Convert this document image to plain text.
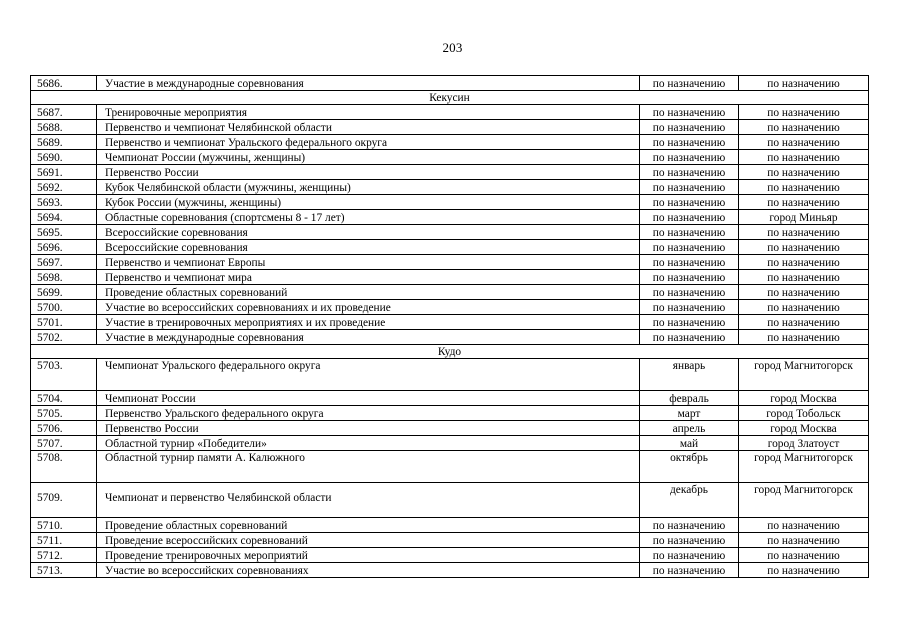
203
5686.	Участие в международные соревнования	по назначению	по назначению
Кекусин			
5687.	Тренировочные мероприятия	по назначению	по назначению
5688.	Первенство и чемпионат Челябинской области	по назначению	по назначению
5689.	Первенство и чемпионат Уральского федерального округа	по назначению	по назначению
5690.	Чемпионат России (мужчины, женщины)	по назначению	по назначению
5691.	Первенство России	по назначению	по назначению
5692.	Кубок Челябинской области (мужчины, женщины)	по назначению	по назначению
5693.	Кубок России (мужчины, женщины)	по назначению	по назначению
5694.	Областные соревнования (спортсмены 8 - 17 лет)	по назначению	город Миньяр
5695.	Всероссийские соревнования	по назначению	по назначению
5696.	Всероссийские соревнования	по назначению	по назначению
5697.	Первенство и чемпионат Европы	по назначению	по назначению
5698.	Первенство и чемпионат мира	по назначению	по назначению
5699.	Проведение областных соревнований	по назначению	по назначению
5700.	Участие во всероссийских соревнованиях и их проведение	по назначению	по назначению
5701.	Участие в тренировочных мероприятиях и их проведение	по назначению	по назначению
5702.	Участие в международные соревнования	по назначению	по назначению
Кудо			
5703.	Чемпионат Уральского федерального округа	январь	город Магнитогорск
5704.	Чемпионат России	февраль	город Москва
5705.	Первенство Уральского федерального округа	март	город Тобольск
5706.	Первенство России	апрель	город Москва
5707.	Областной турнир «Победители»	май	город Златоуст
5708.	Областной турнир памяти А. Калюжного	октябрь	город Магнитогорск
5709.	Чемпионат и первенство Челябинской области	декабрь	город Магнитогорск
5710.	Проведение областных соревнований	по назначению	по назначению
5711.	Проведение всероссийских соревнований	по назначению	по назначению
5712.	Проведение тренировочных мероприятий	по назначению	по назначению
5713.	Участие во всероссийских соревнованиях	по назначению	по назначению
